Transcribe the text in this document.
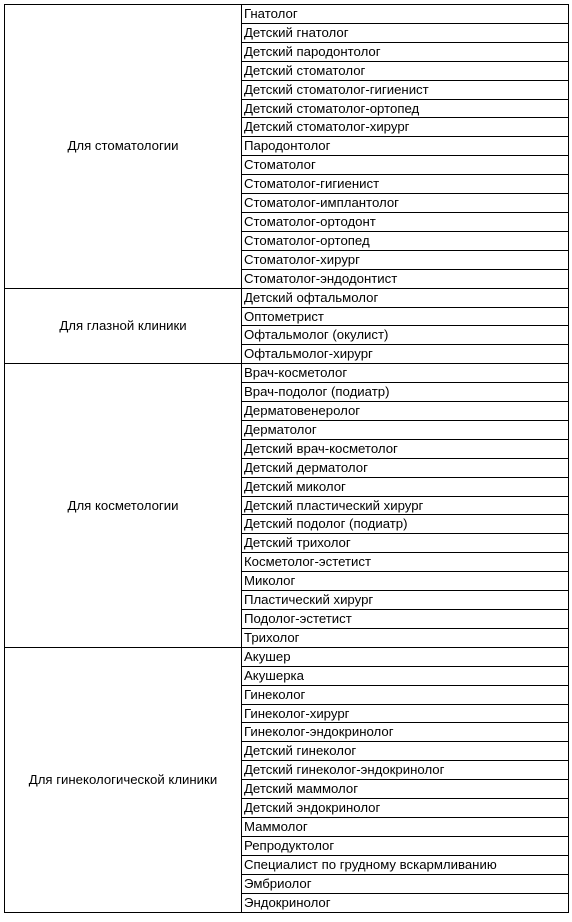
Для стоматологии	Гнатолог
	Детский гнатолог
	Детский пародонтолог
	Детский стоматолог
	Детский стоматолог-гигиенист
	Детский стоматолог-ортопед
	Детский стоматолог-хирург
	Пародонтолог
	Стоматолог
	Стоматолог-гигиенист
	Стоматолог-имплантолог
	Стоматолог-ортодонт
	Стоматолог-ортопед
	Стоматолог-хирург
	Стоматолог-эндодонтист
Для глазной клиники	Детский офтальмолог
	Оптометрист
	Офтальмолог (окулист)
	Офтальмолог-хирург
Для косметологии	Врач-косметолог
	Врач-подолог (подиатр)
	Дерматовенеролог
	Дерматолог
	Детский врач-косметолог
	Детский дерматолог
	Детский миколог
	Детский пластический хирург
	Детский подолог (подиатр)
	Детский трихолог
	Косметолог-эстетист
	Миколог
	Пластический хирург
	Подолог-эстетист
	Трихолог
Для гинекологической клиники	Акушер
	Акушерка
	Гинеколог
	Гинеколог-хирург
	Гинеколог-эндокринолог
	Детский гинеколог
	Детский гинеколог-эндокринолог
	Детский маммолог
	Детский эндокринолог
	Маммолог
	Репродуктолог
	Специалист по грудному вскармливанию
	Эмбриолог
	Эндокринолог
